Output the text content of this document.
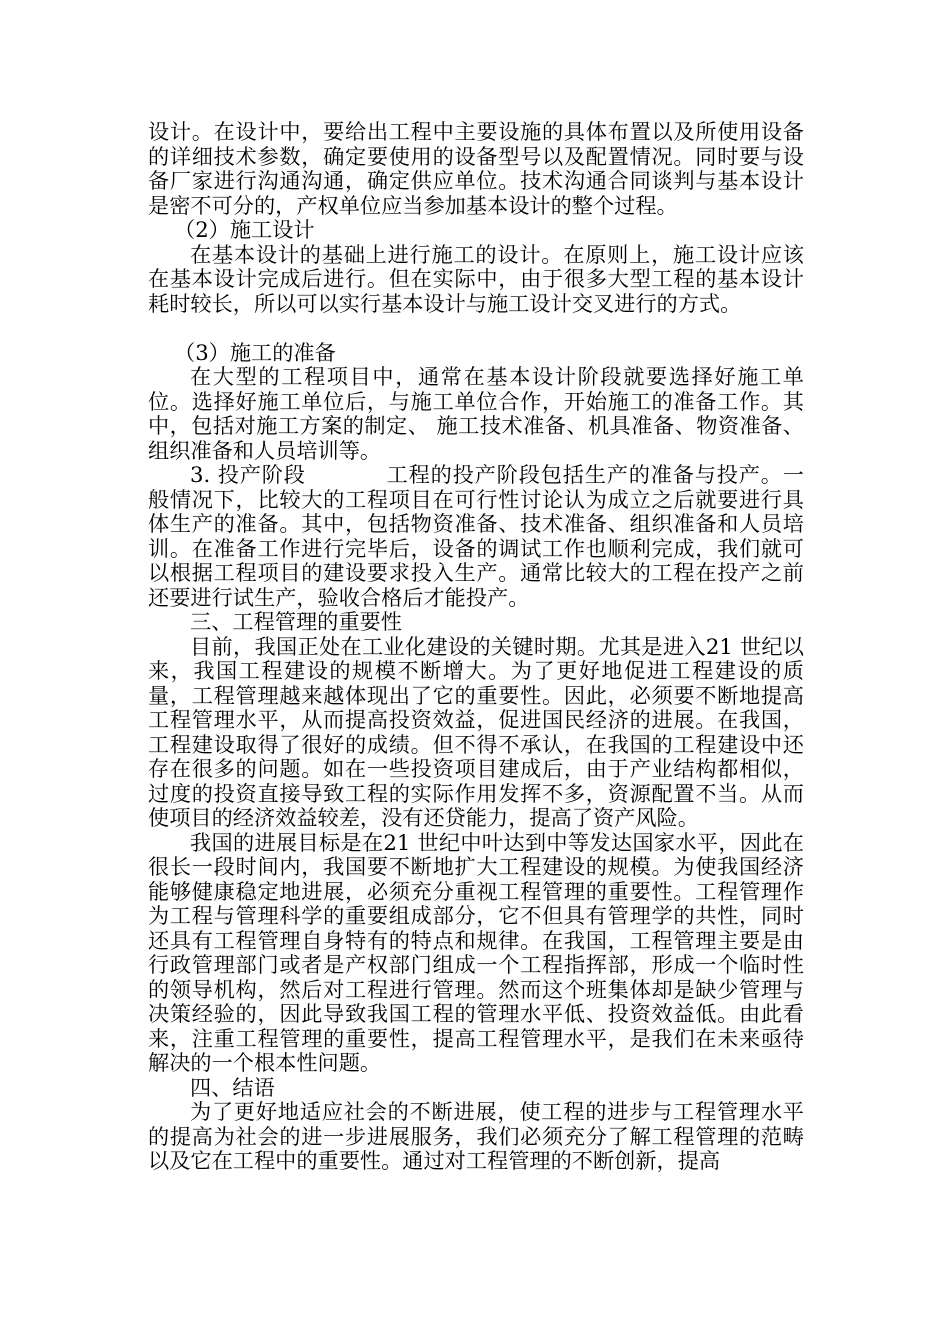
设计。在设计中，要给出工程中主要设施的具体布置以及所使用设备的详细技术参数，确定要使用的设备型号以及配置情况。同时要与设备厂家进行沟通沟通，确定供应单位。技术沟通合同谈判与基本设计是密不可分的，产权单位应当参加基本设计的整个过程。

（2）施工设计

在基本设计的基础上进行施工的设计。在原则上，施工设计应该在基本设计完成后进行。但在实际中，由于很多大型工程的基本设计耗时较长，所以可以实行基本设计与施工设计交叉进行的方式。

（3）施工的准备

在大型的工程项目中，通常在基本设计阶段就要选择好施工单位。选择好施工单位后，与施工单位合作，开始施工的准备工作。其中，包括对施工方案的制定、 施工技术准备、机具准备、物资准备、组织准备和人员培训等。

3. 投产阶段	工程的投产阶段包括生产的准备与投产。一般情况下，比较大的工程项目在可行性讨论认为成立之后就要进行具体生产的准备。其中，包括物资准备、技术准备、组织准备和人员培训。在准备工作进行完毕后，设备的调试工作也顺利完成，我们就可以根据工程项目的建设要求投入生产。通常比较大的工程在投产之前还要进行试生产，验收合格后才能投产。

三、工程管理的重要性

目前，我国正处在工业化建设的关键时期。尤其是进入21 世纪以来，我国工程建设的规模不断增大。为了更好地促进工程建设的质量，工程管理越来越体现出了它的重要性。因此，必须要不断地提高工程管理水平，从而提高投资效益，促进国民经济的进展。在我国，工程建设取得了很好的成绩。但不得不承认，在我国的工程建设中还存在很多的问题。如在一些投资项目建成后，由于产业结构都相似，过度的投资直接导致工程的实际作用发挥不多，资源配置不当。从而使项目的经济效益较差，没有还贷能力，提高了资产风险。

我国的进展目标是在21 世纪中叶达到中等发达国家水平，因此在很长一段时间内，我国要不断地扩大工程建设的规模。为使我国经济能够健康稳定地进展，必须充分重视工程管理的重要性。工程管理作为工程与管理科学的重要组成部分，它不但具有管理学的共性，同时还具有工程管理自身特有的特点和规律。在我国，工程管理主要是由行政管理部门或者是产权部门组成一个工程指挥部，形成一个临时性的领导机构，然后对工程进行管理。然而这个班集体却是缺少管理与决策经验的，因此导致我国工程的管理水平低、投资效益低。由此看来，注重工程管理的重要性，提高工程管理水平，是我们在未来亟待解决的一个根本性问题。

四、结语

为了更好地适应社会的不断进展，使工程的进步与工程管理水平的提高为社会的进一步进展服务，我们必须充分了解工程管理的范畴以及它在工程中的重要性。通过对工程管理的不断创新，提高
